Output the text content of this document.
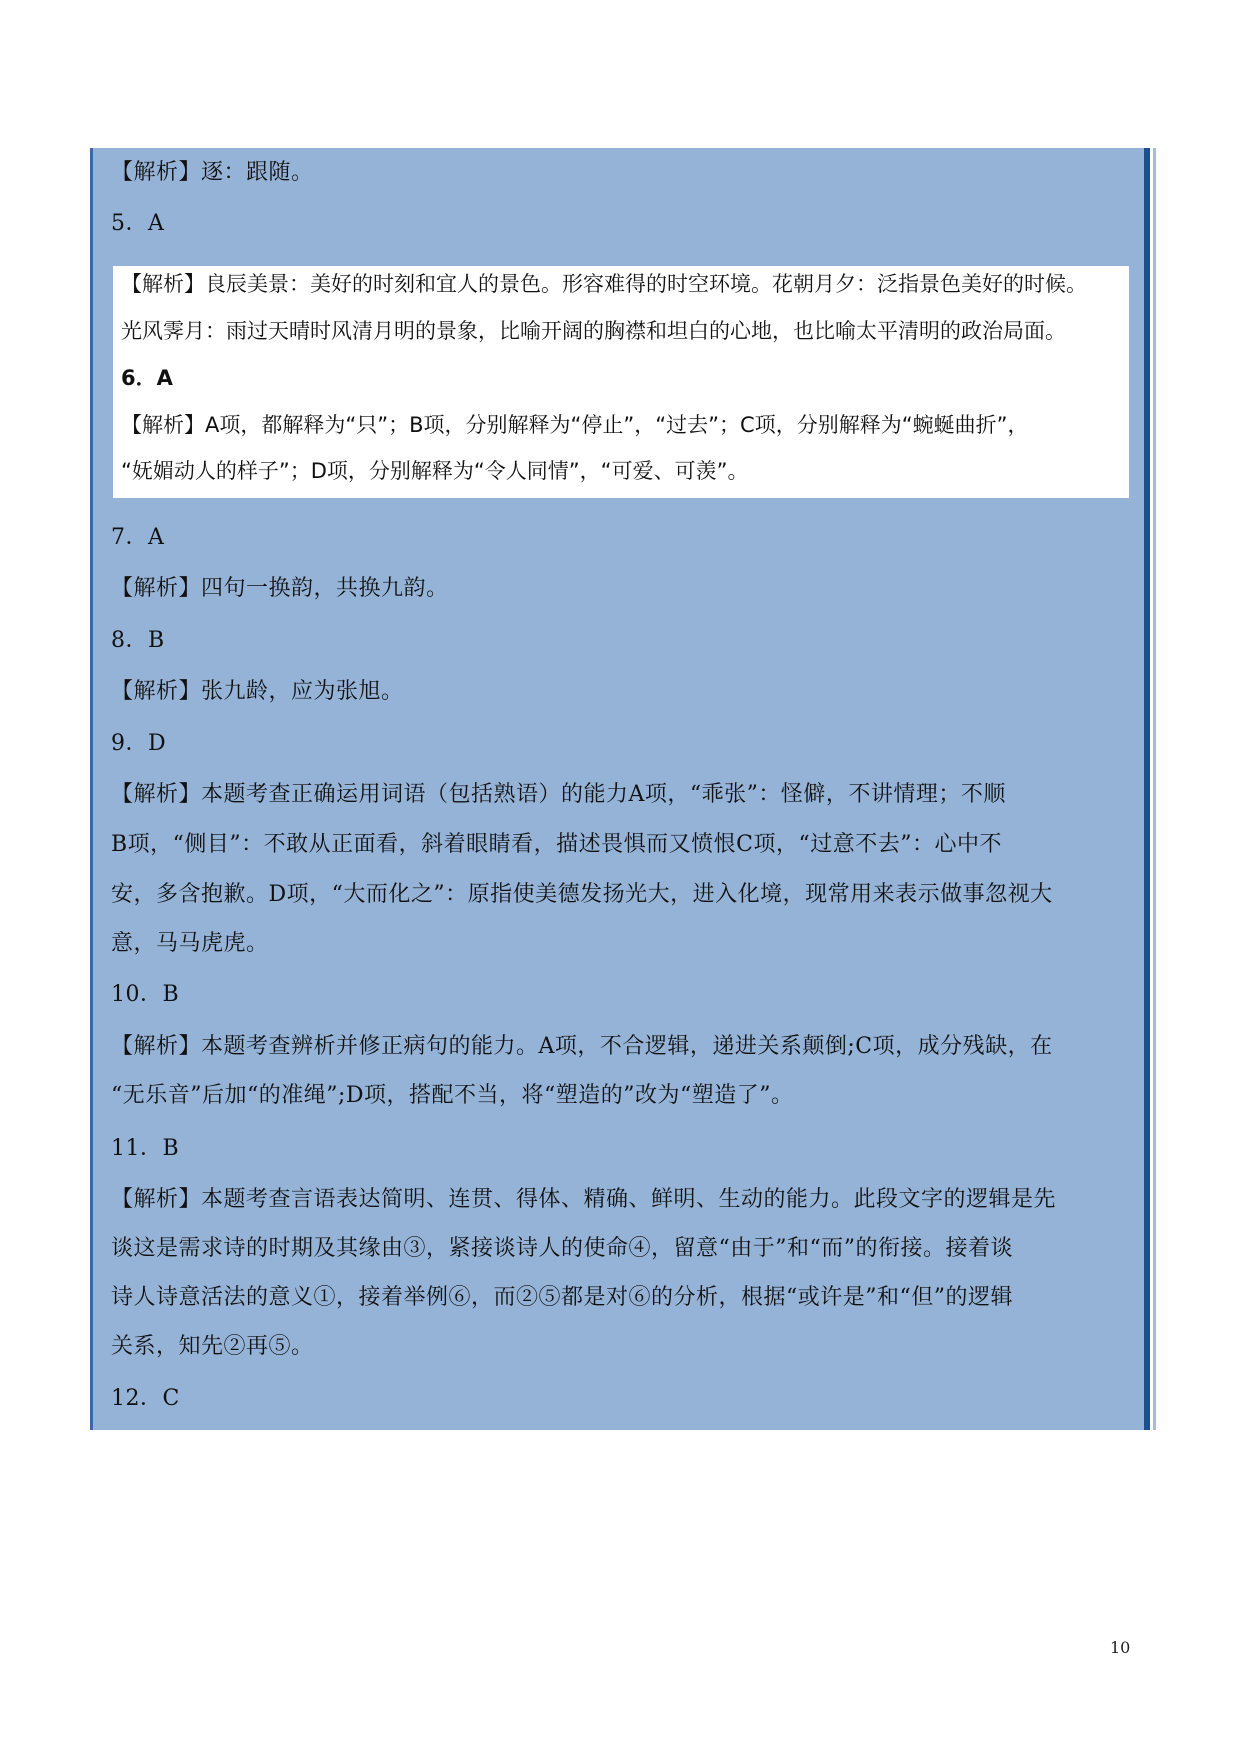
【解析】逐：跟随。
5．A
【解析】良辰美景：美好的时刻和宜人的景色。形容难得的时空环境。花朝月夕：泛指景色美好的时候。
光风霁月：雨过天晴时风清月明的景象，比喻开阔的胸襟和坦白的心地，也比喻太平清明的政治局面。
6．A
【解析】A项，都解释为“只”；B项，分别解释为“停止”，“过去”；C项，分别解释为“蜿蜒曲折”，
“妩媚动人的样子”；D项，分别解释为“令人同情”，“可爱、可羡”。
7．A
【解析】四句一换韵，共换九韵。
8．B
【解析】张九龄，应为张旭。
9．D
【解析】本题考查正确运用词语（包括熟语）的能力A项，“乖张”：怪僻，不讲情理；不顺
B项，“侧目”：不敢从正面看，斜着眼睛看，描述畏惧而又愤恨C项，“过意不去”：心中不
安，多含抱歉。D项，“大而化之”：原指使美德发扬光大，进入化境，现常用来表示做事忽视大
意，马马虎虎。
10．B
【解析】本题考查辨析并修正病句的能力。A项，不合逻辑，递进关系颠倒;C项，成分残缺，在
“无乐音”后加“的准绳”;D项，搭配不当，将“塑造的”改为“塑造了”。
11．B
【解析】本题考查言语表达简明、连贯、得体、精确、鲜明、生动的能力。此段文字的逻辑是先
谈这是需求诗的时期及其缘由③，紧接谈诗人的使命④，留意“由于”和“而”的衔接。接着谈
诗人诗意活法的意义①，接着举例⑥，而②⑤都是对⑥的分析，根据“或许是”和“但”的逻辑
关系，知先②再⑤。
12．C
10
